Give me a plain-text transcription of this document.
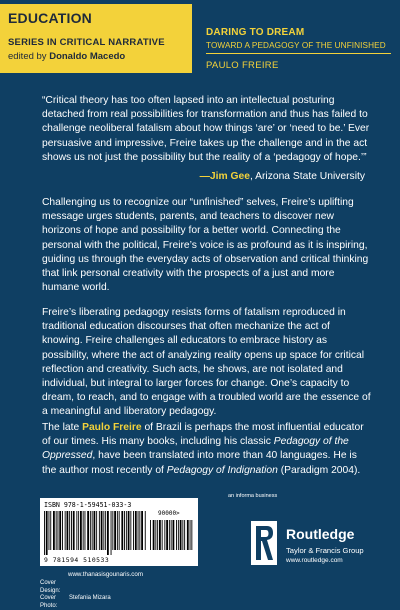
EDUCATION
SERIES IN CRITICAL NARRATIVE
edited by Donaldo Macedo
DARING TO DREAM
TOWARD A PEDAGOGY OF THE UNFINISHED
PAULO FREIRE
“Critical theory has too often lapsed into an intellectual posturing detached from real possibilities for transformation and thus has failed to challenge neoliberal fatalism about how things ‘are’ or ‘need to be.’ Ever persuasive and impressive, Freire takes up the challenge and in the act shows us not just the possibility but the reality of a ‘pedagogy of hope.’”
—Jim Gee, Arizona State University
Challenging us to recognize our “unfinished” selves, Freire’s uplifting message urges students, parents, and teachers to discover new horizons of hope and possibility for a better world. Connecting the personal with the political, Freire’s voice is as profound as it is inspiring, guiding us through the everyday acts of observation and critical thinking that link personal creativity with the prospects of a just and more humane world.
Freire’s liberating pedagogy resists forms of fatalism reproduced in traditional education discourses that often mechanize the act of knowing. Freire challenges all educators to embrace history as possibility, where the act of analyzing reality opens up space for critical reflection and creativity. Such acts, he shows, are not isolated and individual, but integral to larger forces for change. One’s capacity to dream, to reach, and to engage with a troubled world are the essence of a meaningful and liberatory pedagogy.
The late Paulo Freire of Brazil is perhaps the most influential educator of our times. His many books, including his classic Pedagogy of the Oppressed, have been translated into more than 40 languages. He is the author most recently of Pedagogy of Indignation (Paradigm 2004).
an informa business
ISBN 978-1-59451-033-3
90000>
9 781594 510533
www.thanasisgounaris.com
Cover Design:
Cover Photo:
Stefania Mizara
Routledge
Taylor & Francis Group
www.routledge.com
